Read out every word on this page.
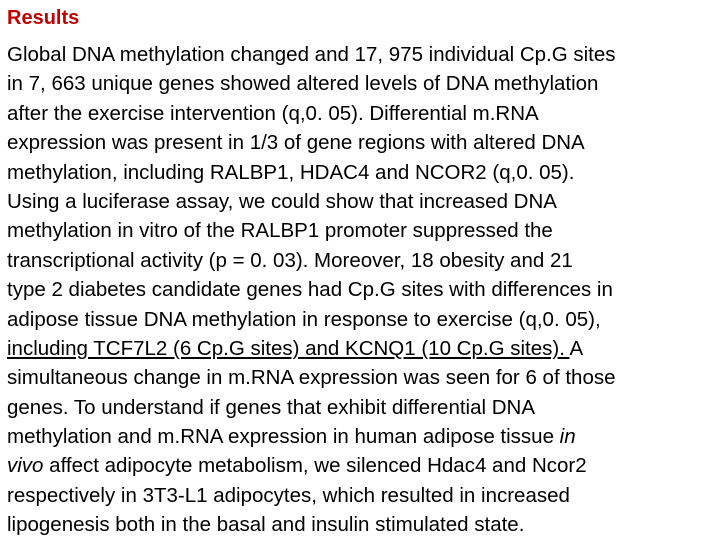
Results
Global DNA methylation changed and 17, 975 individual Cp.G sites
in 7, 663 unique genes showed altered levels of DNA methylation
after the exercise intervention (q,0. 05). Differential m.RNA
expression was present in 1/3 of gene regions with altered DNA
methylation, including RALBP1, HDAC4 and NCOR2 (q,0. 05).
Using a luciferase assay, we could show that increased DNA
methylation in vitro of the RALBP1 promoter suppressed the
transcriptional activity (p = 0. 03). Moreover, 18 obesity and 21
type 2 diabetes candidate genes had Cp.G sites with differences in
adipose tissue DNA methylation in response to exercise (q,0. 05),
including TCF7L2 (6 Cp.G sites) and KCNQ1 (10 Cp.G sites). A
simultaneous change in m.RNA expression was seen for 6 of those
genes. To understand if genes that exhibit differential DNA
methylation and m.RNA expression in human adipose tissue in
vivo affect adipocyte metabolism, we silenced Hdac4 and Ncor2
respectively in 3T3-L1 adipocytes, which resulted in increased
lipogenesis both in the basal and insulin stimulated state.
